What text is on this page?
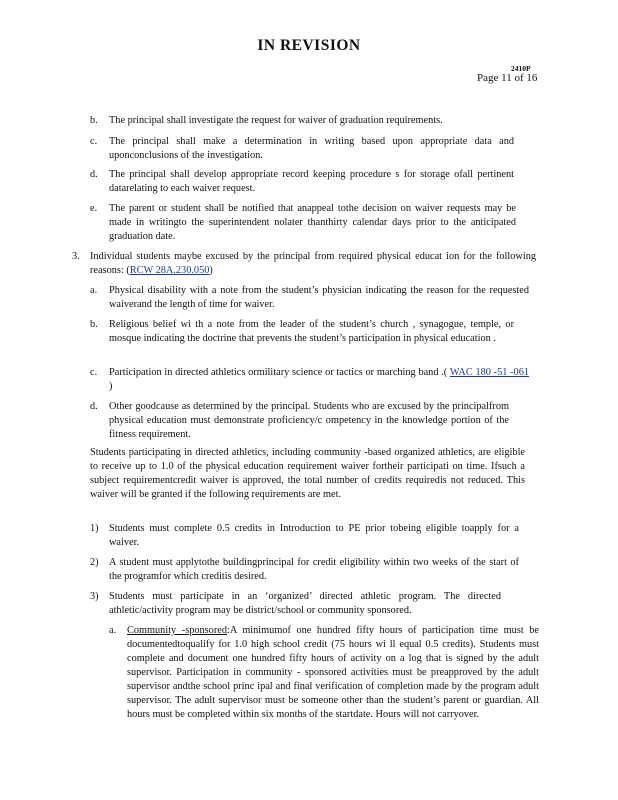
IN REVISION
2410P
Page 11 of 16
b. The principal shall investigate the request for waiver of graduation requirements.
c. The principal shall make a determination in writing based upon appropriate data and uponconclusions of the investigation.
d. The principal shall develop appropriate record keeping procedure s for storage ofall pertinent datarelating to each waiver request.
e. The parent or student shall be notified that anappeal tothe decision on waiver requests may be made in writingto the superintendent nolater thanthirty calendar days prior to the anticipated graduation date.
3. Individual students maybe excused by the principal from required physical educat ion for the following reasons: (RCW 28A.230.050)
a. Physical disability with a note from the student’s physician indicating the reason for the requested waiverand the length of time for waiver.
b. Religious belief wi th a note from the leader of the student’s church , synagogue, temple, or mosque indicating the doctrine that prevents the student’s participation in physical education .
c. Participation in directed athletics ormilitary science or tactics or marching band .( WAC 180 -51 -061 )
d. Other goodcause as determined by the principal. Students who are excused by the principalfrom physical education must demonstrate proficiency/c ompetency in the knowledge portion of the fitness requirement.
Students participating in directed athletics, including community -based organized athletics, are eligible to receive up to 1.0 of the physical education requirement waiver fortheir participati on time. Ifsuch a subject requirementcredit waiver is approved, the total number of credits requiredis not reduced. This waiver will be granted if the following requirements are met.
1) Students must complete 0.5 credits in Introduction to PE prior tobeing eligible toapply for a waiver.
2) A student must applytothe buildingprincipal for credit eligibility within two weeks of the start of the programfor which creditis desired.
3) Students must participate in an ‘organized’ directed athletic program. The directed athletic/activity program may be district/school or community sponsored.
a. Community -sponsored:A minimumof one hundred fifty hours of participation time must be documentedtoqualify for 1.0 high school credit (75 hours wi ll equal 0.5 credits). Students must complete and document one hundred fifty hours of activity on a log that is signed by the adult supervisor. Participation in community - sponsored activities must be preapproved by the adult supervisor andthe school princ ipal and final verification of completion made by the program adult supervisor. The adult supervisor must be someone other than the student’s parent or guardian. All hours must be completed within six months of the startdate. Hours will not carryover.
